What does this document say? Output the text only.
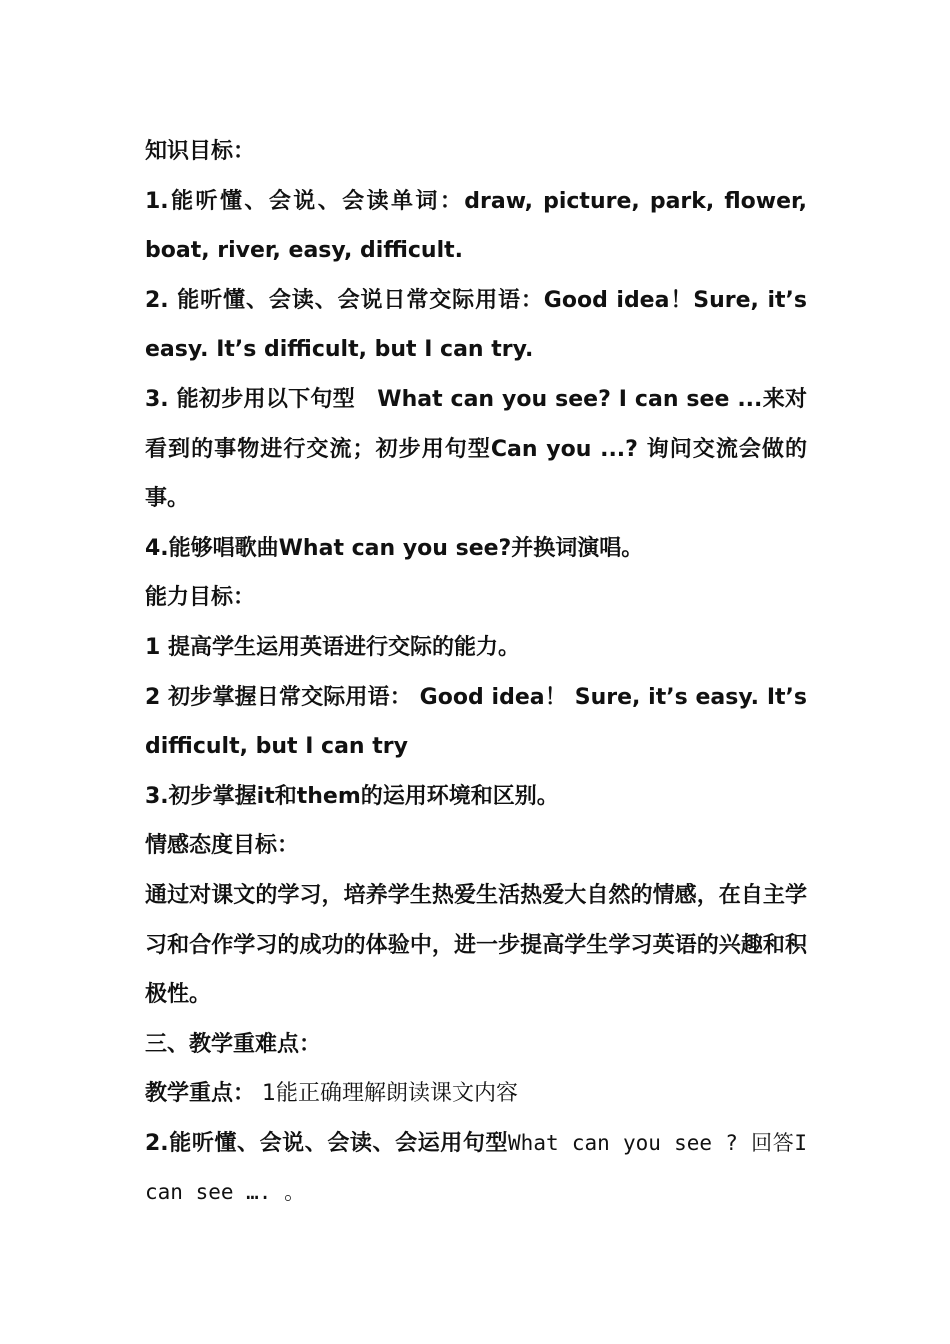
知识目标：

1.能听懂、会说、会读单词：draw, picture, park, flower, boat, river, easy, difficult.

2. 能听懂、会读、会说日常交际用语：Good idea！Sure, it’s easy. It’s difficult, but I can try.

3. 能初步用以下句型　What can you see? I can see ...来对看到的事物进行交流；初步用句型Can you ...? 询问交流会做的事。

4.能够唱歌曲What can you see?并换词演唱。

能力目标：

1 提高学生运用英语进行交际的能力。

2 初步掌握日常交际用语： Good idea！ Sure, it’s easy. It’s difficult, but I can try

3.初步掌握it和them的运用环境和区别。

情感态度目标：

通过对课文的学习，培养学生热爱生活热爱大自然的情感，在自主学习和合作学习的成功的体验中，进一步提高学生学习英语的兴趣和积极性。

三、教学重难点：

教学重点： 1能正确理解朗读课文内容

2.能听懂、会说、会读、会运用句型What can you see ? 回答I can see …. 。
